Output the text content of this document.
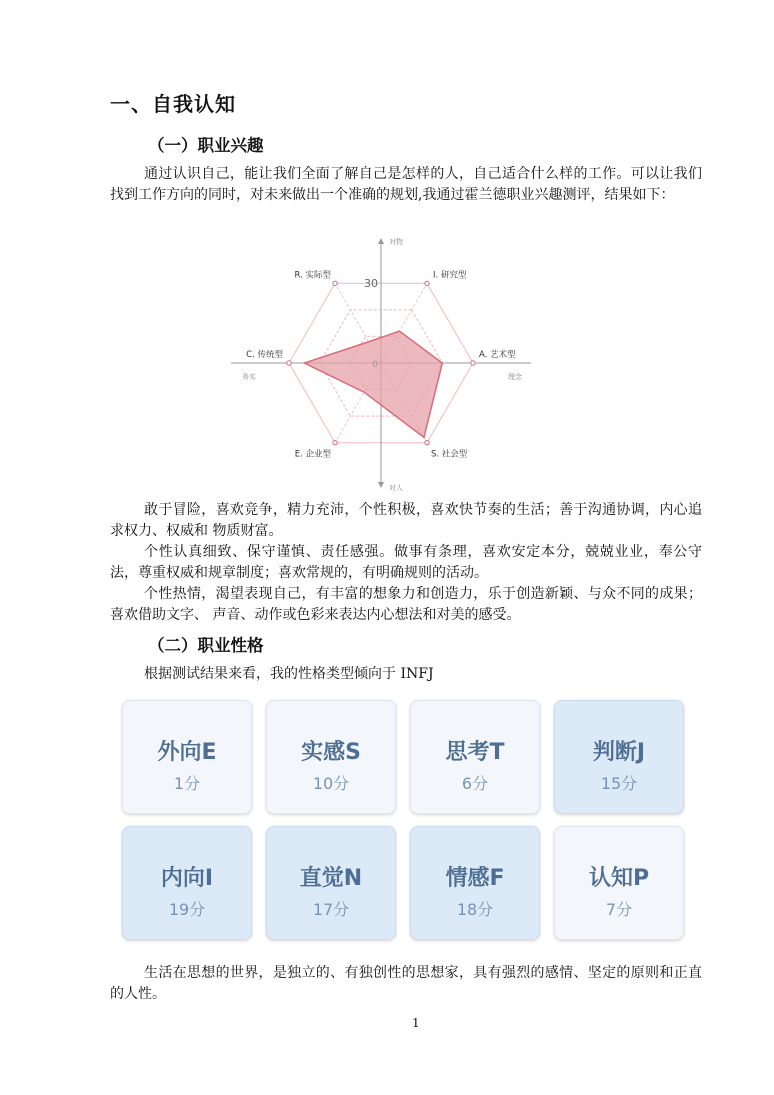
一、自我认知
（一）职业兴趣
通过认识自己，能让我们全面了解自己是怎样的人，自己适合什么样的工作。可以让我们找到工作方向的同时，对未来做出一个准确的规划,我通过霍兰德职业兴趣测评，结果如下：
I. 研究型
A. 艺术型
S. 社会型
E. 企业型
C. 传统型
R. 实际型
0
30
对物
对人
务实	理念
敢于冒险，喜欢竞争，精力充沛，个性积极，喜欢快节奏的生活；善于沟通协调，内心追求权力、权威和 物质财富。
个性认真细致、保守谨慎、责任感强。做事有条理，喜欢安定本分，兢兢业业，奉公守法，尊重权威和规章制度；喜欢常规的，有明确规则的活动。
个性热情，渴望表现自己，有丰富的想象力和创造力，乐于创造新颖、与众不同的成果；喜欢借助文字、 声音、动作或色彩来表达内心想法和对美的感受。
（二）职业性格
根据测试结果来看，我的性格类型倾向于 INFJ
外向E
1分
实感S
10分
思考T
6分
判断J
15分
内向I
19分
直觉N
17分
情感F
18分
认知P
7分
生活在思想的世界，是独立的、有独创性的思想家，具有强烈的感情、坚定的原则和正直的人性。
1
